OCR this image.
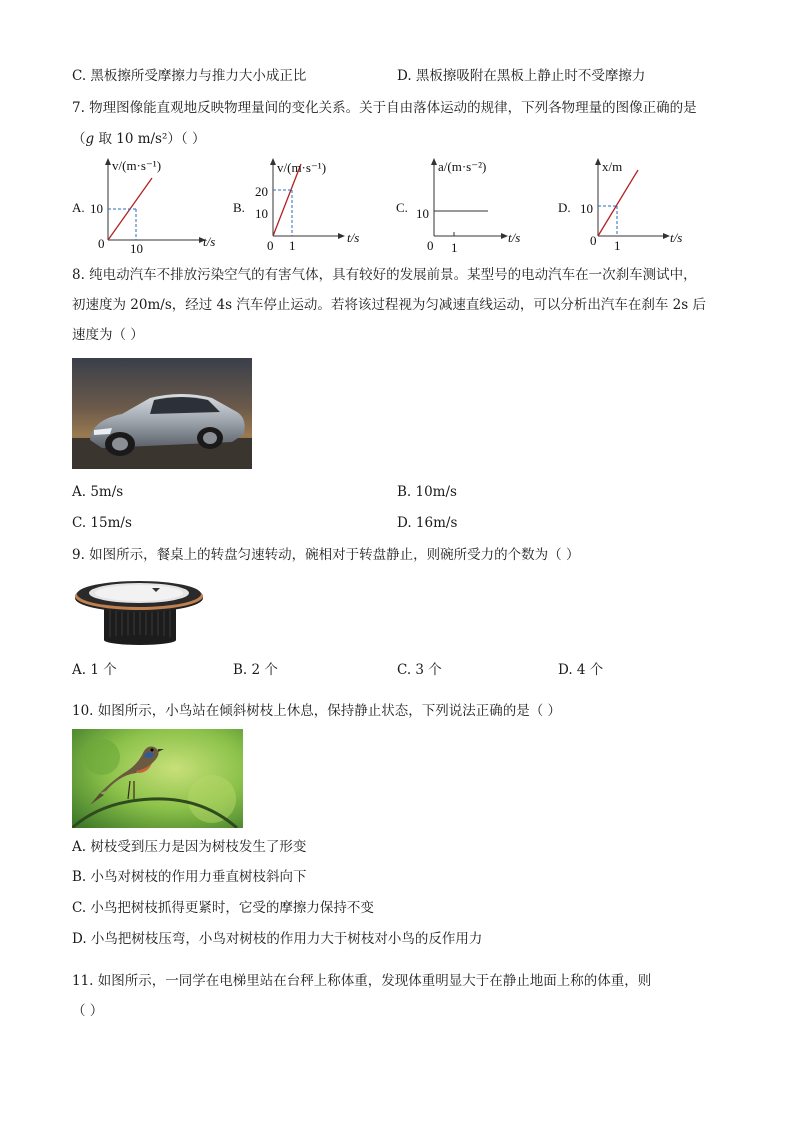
C. 黑板擦所受摩擦力与推力大小成正比	D. 黑板擦吸附在黑板上静止时不受摩擦力
7. 物理图像能直观地反映物理量间的变化关系。关于自由落体运动的规律，下列各物理量的图像正确的是
（g 取 10 m/s²）（ ）
A.
v/(m·s⁻¹)
10
0 10	t/s
B.
v/(m·s⁻¹)
20
10
0 1
t/s
C.
a/(m·s⁻²)
10
0 1
t/s
D.
x/m
10
0 1
t/s
8. 纯电动汽车不排放污染空气的有害气体，具有较好的发展前景。某型号的电动汽车在一次刹车测试中，
初速度为 20m/s，经过 4s 汽车停止运动。若将该过程视为匀减速直线运动，可以分析出汽车在刹车 2s 后
速度为（ ）
A. 5m/s	B. 10m/s
C. 15m/s	D. 16m/s
9. 如图所示，餐桌上的转盘匀速转动，碗相对于转盘静止，则碗所受力的个数为（ ）
A. 1 个	B. 2 个	C. 3 个	D. 4 个
10. 如图所示，小鸟站在倾斜树枝上休息，保持静止状态，下列说法正确的是（ ）
A. 树枝受到压力是因为树枝发生了形变
B. 小鸟对树枝的作用力垂直树枝斜向下
C. 小鸟把树枝抓得更紧时，它受的摩擦力保持不变
D. 小鸟把树枝压弯，小鸟对树枝的作用力大于树枝对小鸟的反作用力
11. 如图所示，一同学在电梯里站在台秤上称体重，发现体重明显大于在静止地面上称的体重，则
（ ）
